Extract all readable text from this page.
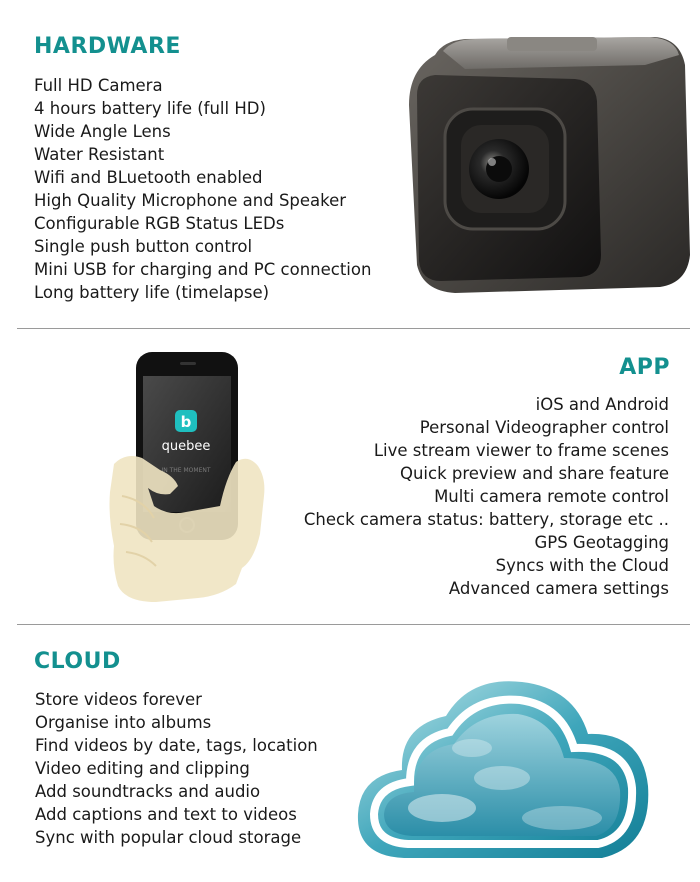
HARDWARE
Full HD Camera
4 hours battery life (full HD)
Wide Angle Lens
Water Resistant
Wifi and BLuetooth enabled
High Quality Microphone and Speaker
Configurable RGB Status LEDs
Single push button control
Mini USB for charging and PC connection
Long battery life (timelapse)
APP
iOS and Android
Personal Videographer control
Live stream viewer to frame scenes
Quick preview and share feature
Multi camera remote control
Check camera status: battery, storage etc ..
GPS Geotagging
Syncs with the Cloud
Advanced camera settings
b
quebee
IN THE MOMENT
CLOUD
Store videos forever
Organise into albums
Find videos by date, tags, location
Video editing and clipping
Add soundtracks and audio
Add captions and text to videos
Sync with popular cloud storage
